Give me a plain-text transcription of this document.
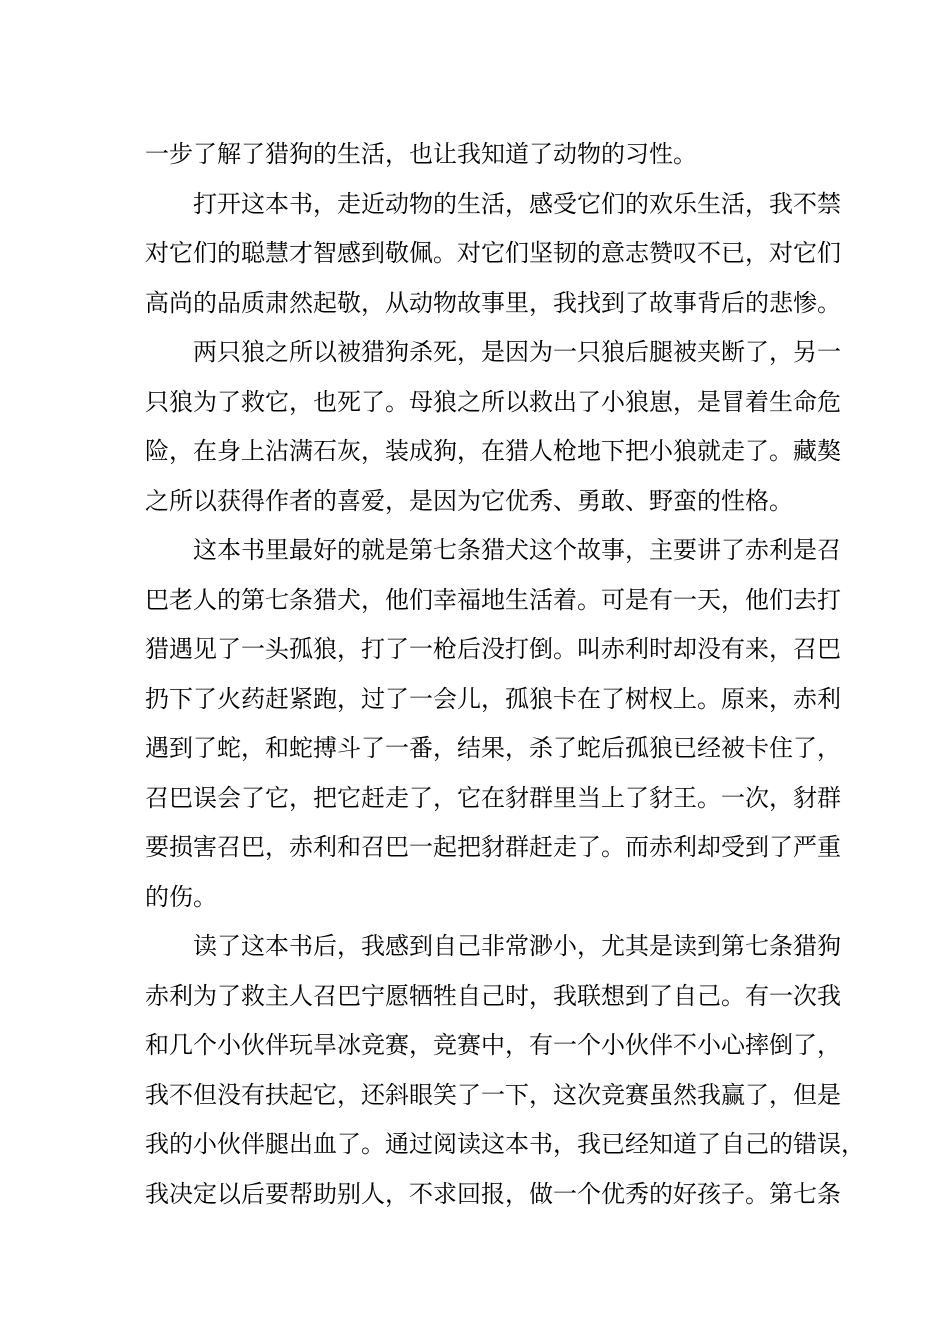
一步了解了猎狗的生活，也让我知道了动物的习性。
打开这本书，走近动物的生活，感受它们的欢乐生活，我不禁
对它们的聪慧才智感到敬佩。对它们坚韧的意志赞叹不已，对它们
高尚的品质肃然起敬，从动物故事里，我找到了故事背后的悲惨。
两只狼之所以被猎狗杀死，是因为一只狼后腿被夹断了，另一
只狼为了救它，也死了。母狼之所以救出了小狼崽，是冒着生命危
险，在身上沾满石灰，装成狗，在猎人枪地下把小狼就走了。藏獒
之所以获得作者的喜爱，是因为它优秀、勇敢、野蛮的性格。
这本书里最好的就是第七条猎犬这个故事，主要讲了赤利是召
巴老人的第七条猎犬，他们幸福地生活着。可是有一天，他们去打
猎遇见了一头孤狼，打了一枪后没打倒。叫赤利时却没有来，召巴
扔下了火药赶紧跑，过了一会儿，孤狼卡在了树杈上。原来，赤利
遇到了蛇，和蛇搏斗了一番，结果，杀了蛇后孤狼已经被卡住了，
召巴误会了它，把它赶走了，它在豺群里当上了豺王。一次，豺群
要损害召巴，赤利和召巴一起把豺群赶走了。而赤利却受到了严重
的伤。
读了这本书后，我感到自己非常渺小，尤其是读到第七条猎狗
赤利为了救主人召巴宁愿牺牲自己时，我联想到了自己。有一次我
和几个小伙伴玩旱冰竞赛，竞赛中，有一个小伙伴不小心摔倒了，
我不但没有扶起它，还斜眼笑了一下，这次竞赛虽然我赢了，但是
我的小伙伴腿出血了。通过阅读这本书，我已经知道了自己的错误，
我决定以后要帮助别人，不求回报，做一个优秀的好孩子。第七条
